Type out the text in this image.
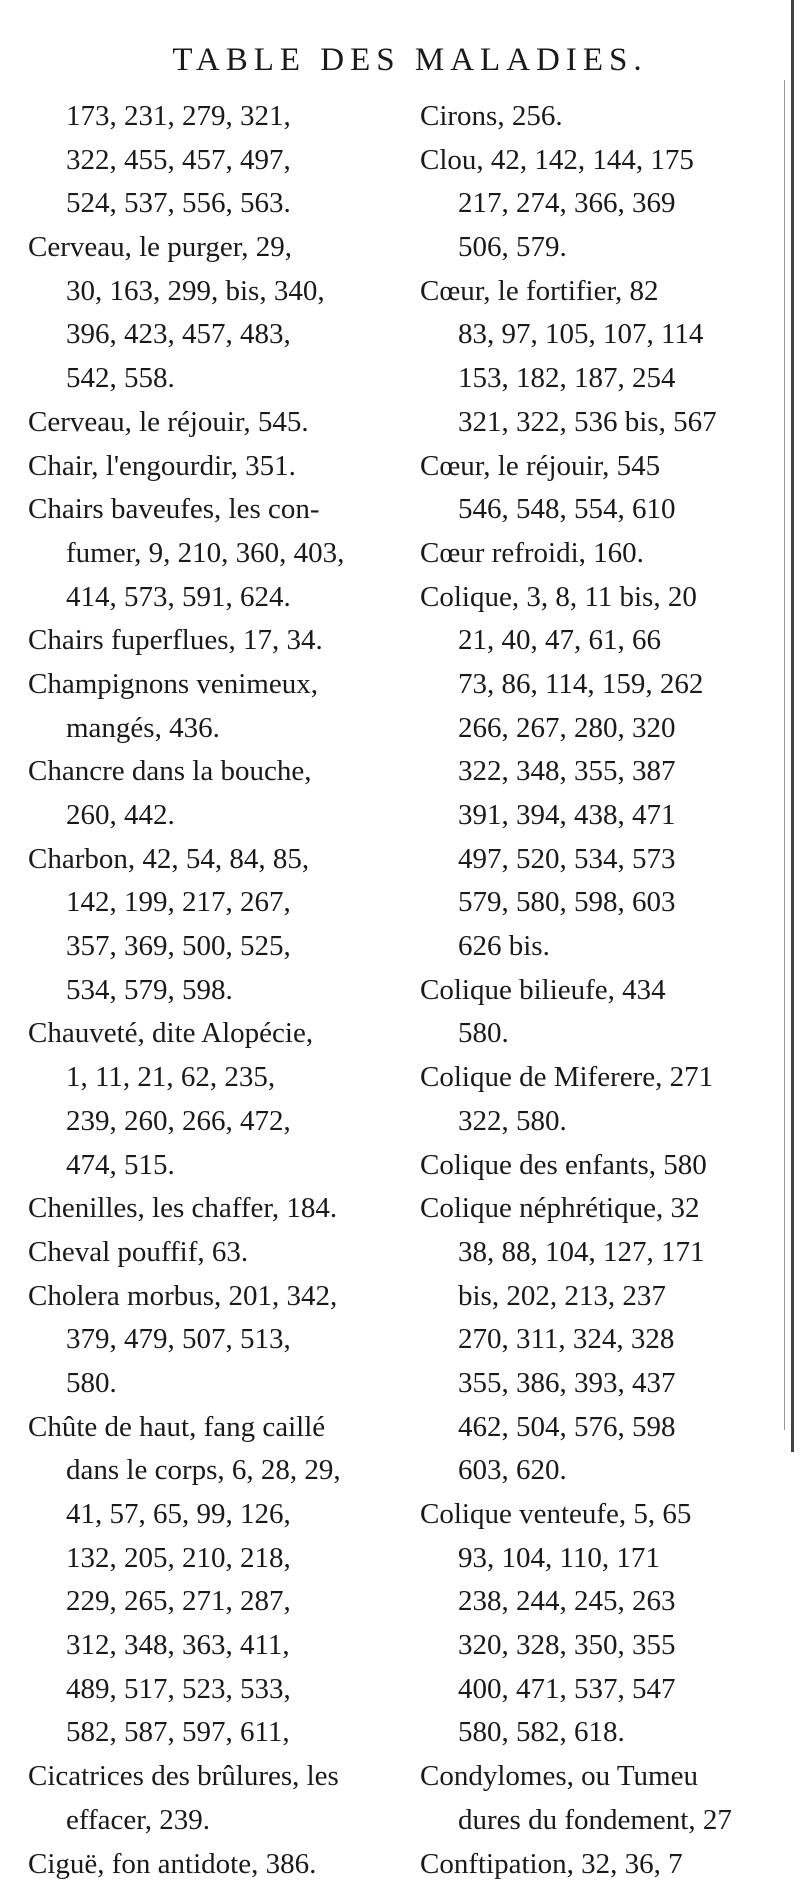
TABLE DES MALADIES.
173, 231, 279, 321,
322, 455, 457, 497,
524, 537, 556, 563.
Cerveau, le purger, 29,
30, 163, 299, bis, 340,
396, 423, 457, 483,
542, 558.
Cerveau, le réjouir, 545.
Chair, l'engourdir, 351.
Chairs baveufes, les con-
fumer, 9, 210, 360, 403,
414, 573, 591, 624.
Chairs fuperflues, 17, 34.
Champignons venimeux,
mangés, 436.
Chancre dans la bouche,
260, 442.
Charbon, 42, 54, 84, 85,
142, 199, 217, 267,
357, 369, 500, 525,
534, 579, 598.
Chauveté, dite Alopécie,
1, 11, 21, 62, 235,
239, 260, 266, 472,
474, 515.
Chenilles, les chaffer, 184.
Cheval pouffif, 63.
Cholera morbus, 201, 342,
379, 479, 507, 513,
580.
Chûte de haut, fang caillé
dans le corps, 6, 28, 29,
41, 57, 65, 99, 126,
132, 205, 210, 218,
229, 265, 271, 287,
312, 348, 363, 411,
489, 517, 523, 533,
582, 587, 597, 611,
Cicatrices des brûlures, les
effacer, 239.
Ciguë, fon antidote, 386.
Cirons, 256.
Clou, 42, 142, 144, 175
217, 274, 366, 369
506, 579.
Cœur, le fortifier, 82
83, 97, 105, 107, 114
153, 182, 187, 254
321, 322, 536 bis, 567
Cœur, le réjouir, 545
546, 548, 554, 610
Cœur refroidi, 160.
Colique, 3, 8, 11 bis, 20
21, 40, 47, 61, 66
73, 86, 114, 159, 262
266, 267, 280, 320
322, 348, 355, 387
391, 394, 438, 471
497, 520, 534, 573
579, 580, 598, 603
626 bis.
Colique bilieufe, 434
580.
Colique de Miferere, 271
322, 580.
Colique des enfants, 580
Colique néphrétique, 32
38, 88, 104, 127, 171
bis, 202, 213, 237
270, 311, 324, 328
355, 386, 393, 437
462, 504, 576, 598
603, 620.
Colique venteufe, 5, 65
93, 104, 110, 171
238, 244, 245, 263
320, 328, 350, 355
400, 471, 537, 547
580, 582, 618.
Condylomes, ou Tumeu
dures du fondement, 27
Conftipation, 32, 36, 7
